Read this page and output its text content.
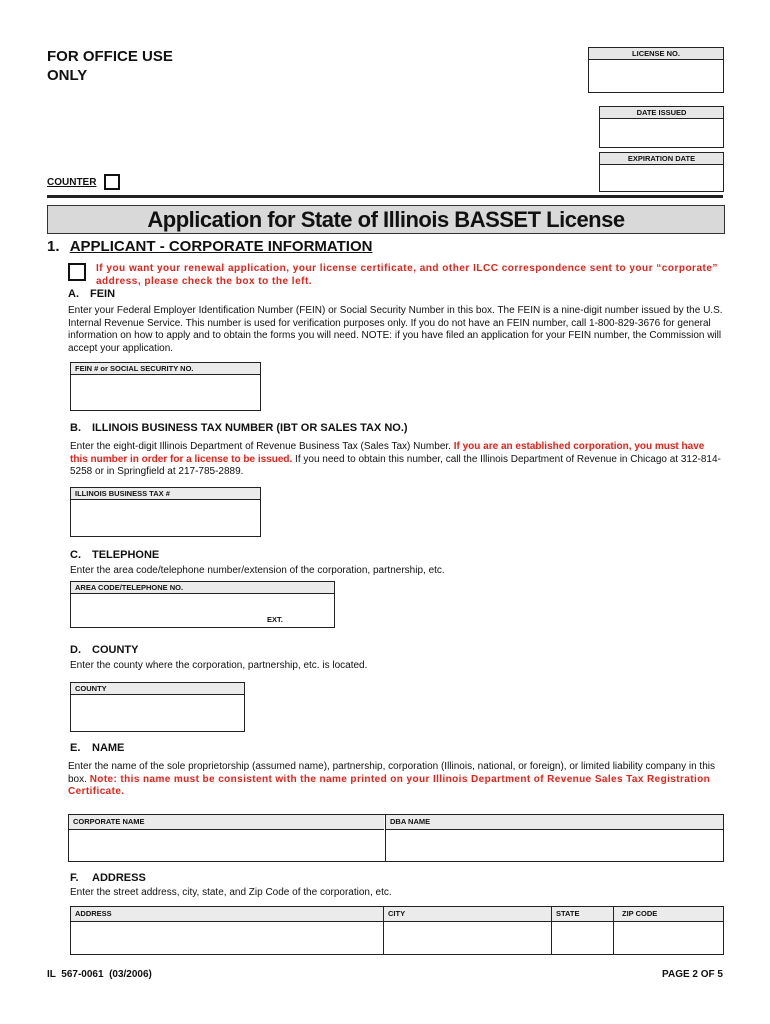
FOR OFFICE USE ONLY
LICENSE NO.
DATE ISSUED
EXPIRATION DATE
COUNTER
Application for State of Illinois BASSET License
1. APPLICANT - CORPORATE INFORMATION
If you want your renewal application, your license certificate, and other ILCC correspondence sent to your “corporate” address, please check the box to the left.
A. FEIN
Enter your Federal Employer Identification Number (FEIN) or Social Security Number in this box. The FEIN is a nine-digit number issued by the U.S. Internal Revenue Service. This number is used for verification purposes only. If you do not have an FEIN number, call 1-800-829-3676 for general information on how to apply and to obtain the forms you will need. NOTE: if you have filed an application for your FEIN number, the Commission will accept your application.
FEIN # or SOCIAL SECURITY NO.
B. ILLINOIS BUSINESS TAX NUMBER (IBT OR SALES TAX NO.)
Enter the eight-digit Illinois Department of Revenue Business Tax (Sales Tax) Number. If you are an established corporation, you must have this number in order for a license to be issued. If you need to obtain this number, call the Illinois Department of Revenue in Chicago at 312-814-5258 or in Springfield at 217-785-2889.
ILLINOIS BUSINESS TAX #
C. TELEPHONE
Enter the area code/telephone number/extension of the corporation, partnership, etc.
AREA CODE/TELEPHONE NO.
EXT.
D. COUNTY
Enter the county where the corporation, partnership, etc. is located.
COUNTY
E. NAME
Enter the name of the sole proprietorship (assumed name), partnership, corporation (Illinois, national, or foreign), or limited liability company in this box. Note: this name must be consistent with the name printed on your Illinois Department of Revenue Sales Tax Registration Certificate.
CORPORATE NAME	DBA NAME
F. ADDRESS
Enter the street address, city, state, and Zip Code of the corporation, etc.
ADDRESS	CITY	STATE	ZIP CODE
IL  567-0061  (03/2006)	PAGE 2 OF 5
